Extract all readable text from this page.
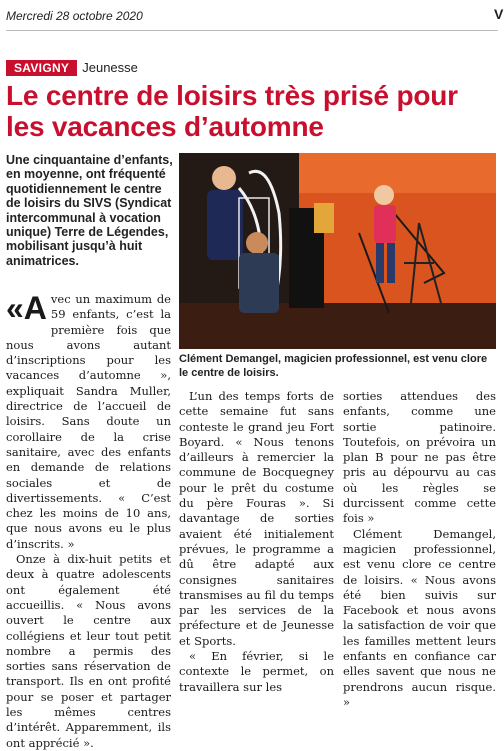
Mercredi 28 octobre 2020	V
SAVIGNY	Jeunesse
Le centre de loisirs très prisé pour les vacances d’automne

Une cinquantaine d’enfants, en moyenne, ont fréquenté quotidiennement le centre de loisirs du SIVS (Syndicat intercommunal à vocation unique) Terre de Légendes, mobilisant jusqu’à huit animatrices.

Clément Demangel, magicien professionnel, est venu clore le centre de loisirs.

«Avec un maximum de 59 enfants, c’est la première fois que nous avons autant d’inscriptions pour les vacances d’automne », expliquait Sandra Muller, directrice de l’accueil de loisirs. Sans doute un corollaire de la crise sanitaire, avec des enfants en demande de relations sociales et de divertissements. « C’est chez les moins de 10 ans, que nous avons eu le plus d’inscrits. »

Onze à dix-huit petits et deux à quatre adolescents ont également été accueillis. « Nous avons ouvert le centre aux collégiens et leur tout petit nombre a permis des sorties sans réservation de transport. Ils en ont profité pour se poser et partager les mêmes centres d’intérêt. Apparemment, ils ont apprécié ».

L’un des temps forts de cette semaine fut sans conteste le grand jeu Fort Boyard. « Nous tenons d’ailleurs à remercier la commune de Bocquegney pour le prêt du costume du père Fouras ». Si davantage de sorties avaient été initialement prévues, le programme a dû être adapté aux consignes sanitaires transmises au fil du temps par les services de la préfecture et de Jeunesse et Sports.

« En février, si le contexte le permet, on travaillera sur les

sorties attendues des enfants, comme une sortie patinoire. Toutefois, on prévoira un plan B pour ne pas être pris au dépourvu au cas où les règles se durcissent comme cette fois »

Clément Demangel, magicien professionnel, est venu clore ce centre de loisirs. « Nous avons été bien suivis sur Facebook et nous avons la satisfaction de voir que les familles mettent leurs enfants en confiance car elles savent que nous ne prendrons aucun risque. »
